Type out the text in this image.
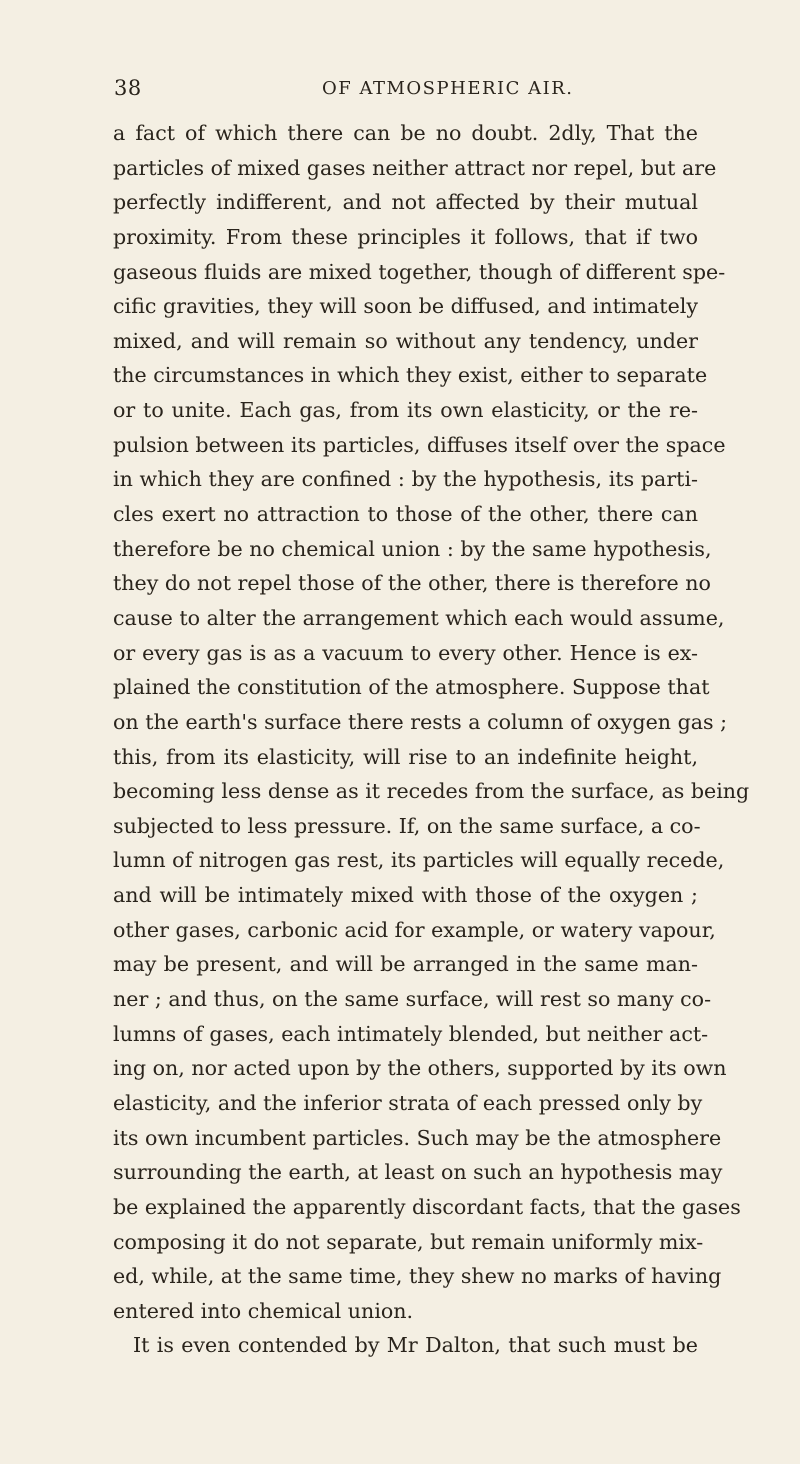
38	OF ATMOSPHERIC AIR.
a fact of which there can be no doubt. 2dly, That the
particles of mixed gases neither attract nor repel, but are
perfectly indifferent, and not affected by their mutual
proximity. From these principles it follows, that if two
gaseous fluids are mixed together, though of different spe-
cific gravities, they will soon be diffused, and intimately
mixed, and will remain so without any tendency, under
the circumstances in which they exist, either to separate
or to unite. Each gas, from its own elasticity, or the re-
pulsion between its particles, diffuses itself over the space
in which they are confined : by the hypothesis, its parti-
cles exert no attraction to those of the other, there can
therefore be no chemical union : by the same hypothesis,
they do not repel those of the other, there is therefore no
cause to alter the arrangement which each would assume,
or every gas is as a vacuum to every other. Hence is ex-
plained the constitution of the atmosphere. Suppose that
on the earth's surface there rests a column of oxygen gas ;
this, from its elasticity, will rise to an indefinite height,
becoming less dense as it recedes from the surface, as being
subjected to less pressure. If, on the same surface, a co-
lumn of nitrogen gas rest, its particles will equally recede,
and will be intimately mixed with those of the oxygen ;
other gases, carbonic acid for example, or watery vapour,
may be present, and will be arranged in the same man-
ner ; and thus, on the same surface, will rest so many co-
lumns of gases, each intimately blended, but neither act-
ing on, nor acted upon by the others, supported by its own
elasticity, and the inferior strata of each pressed only by
its own incumbent particles. Such may be the atmosphere
surrounding the earth, at least on such an hypothesis may
be explained the apparently discordant facts, that the gases
composing it do not separate, but remain uniformly mix-
ed, while, at the same time, they shew no marks of having
entered into chemical union.
It is even contended by Mr Dalton, that such must be
